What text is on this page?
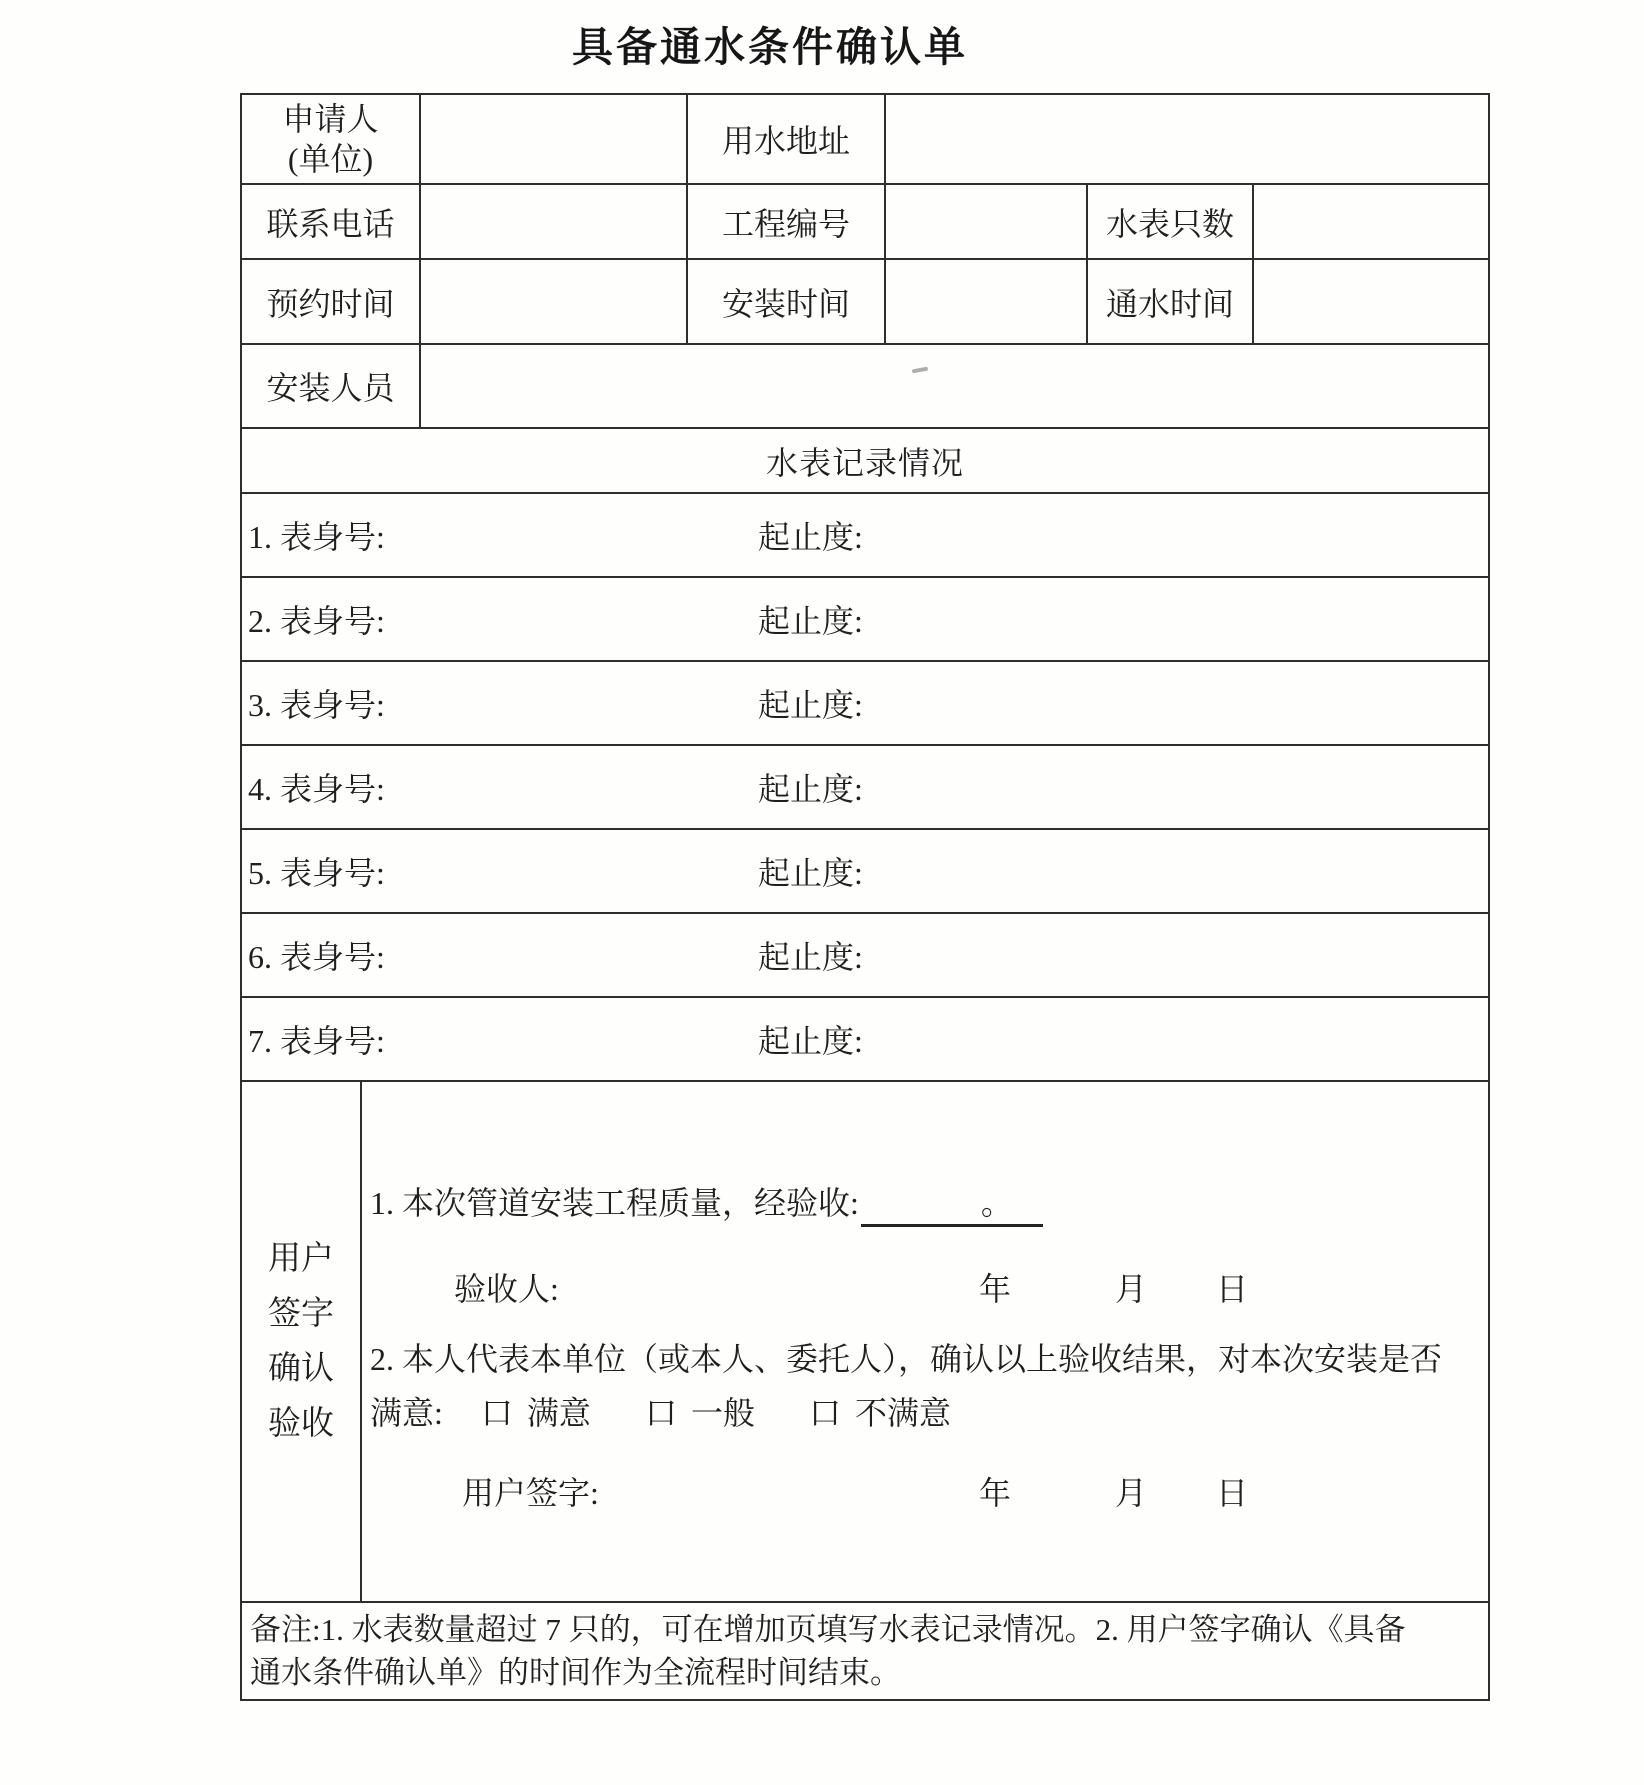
具备通水条件确认单
申请人
(单位)	用水地址
联系电话	工程编号	水表只数
预约时间	安装时间	通水时间
安装人员
水表记录情况
1. 表身号:	起止度:
2. 表身号:	起止度:
3. 表身号:	起止度:
4. 表身号:	起止度:
5. 表身号:	起止度:
6. 表身号:	起止度:
7. 表身号:	起止度:
用户
签字
确认
验收
1. 本次管道安装工程质量，经验收:	。
验收人:	年	月 日
2. 本人代表本单位（或本人、委托人），确认以上验收结果，对本次安装是否
满意: 口 满意 口 一般 口 不满意
用户签字:	年	月 日
备注:1. 水表数量超过 7 只的，可在增加页填写水表记录情况。2. 用户签字确认《具备
通水条件确认单》的时间作为全流程时间结束。
